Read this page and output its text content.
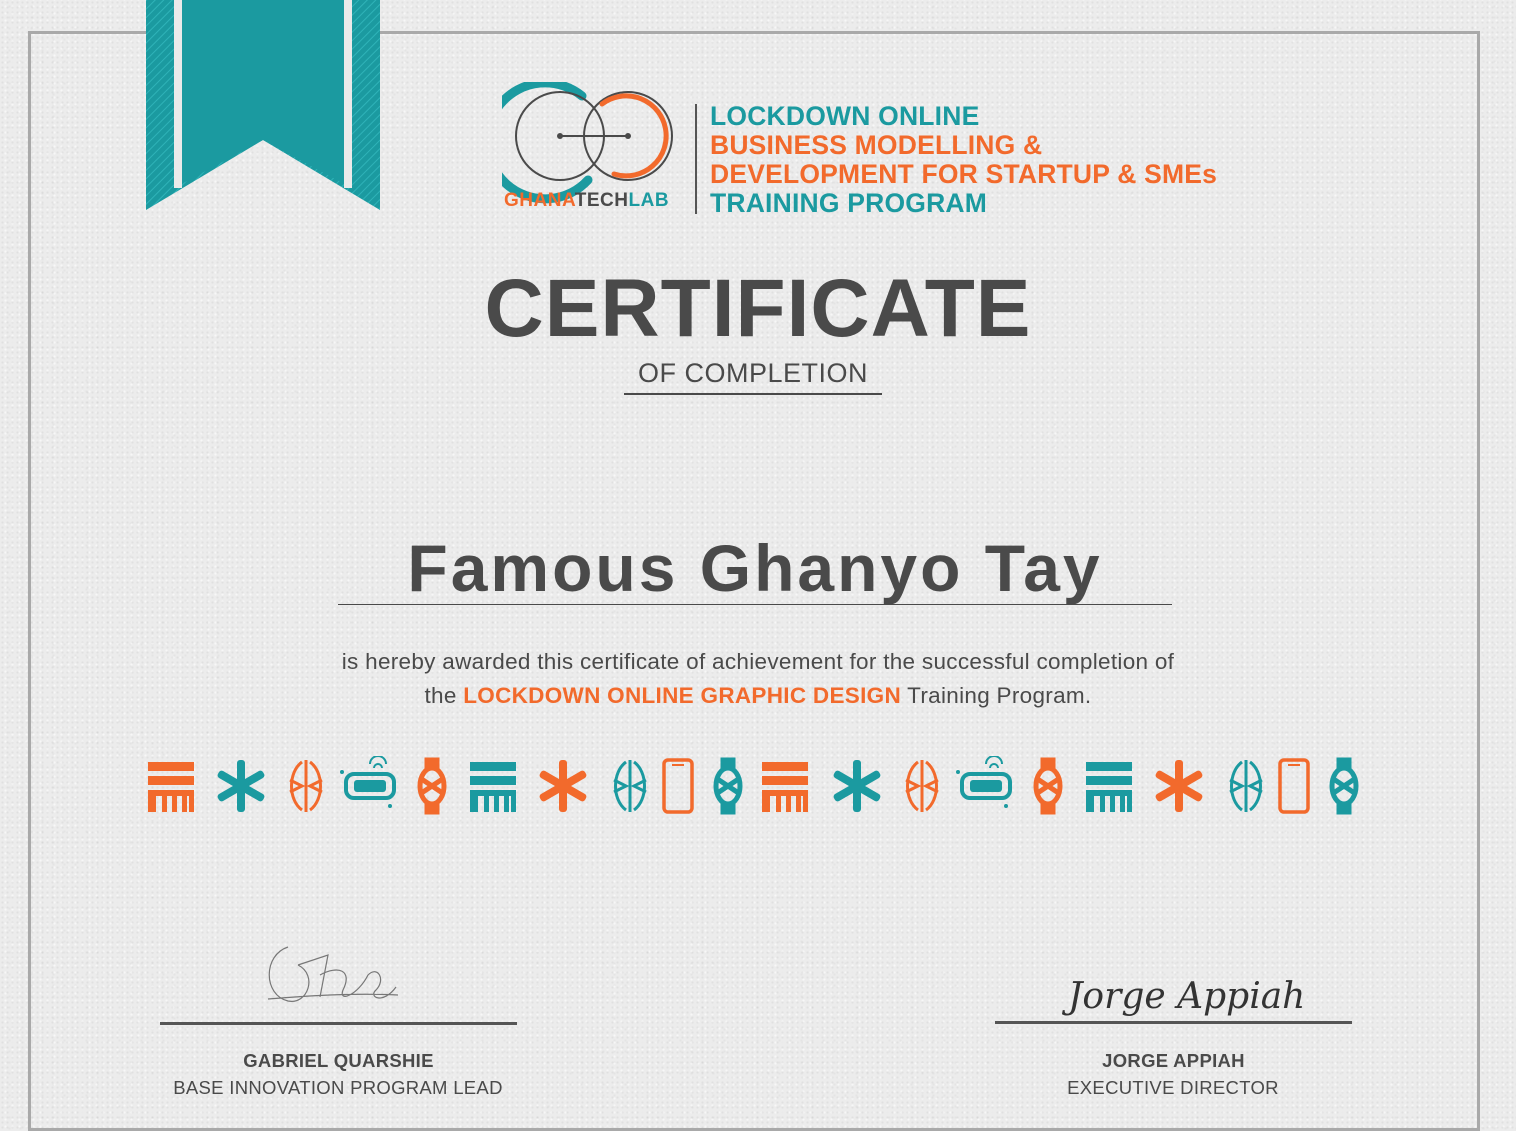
GHANATECHLAB
LOCKDOWN ONLINE
BUSINESS MODELLING &
DEVELOPMENT FOR STARTUP & SMEs
TRAINING PROGRAM
CERTIFICATE
OF COMPLETION
Famous Ghanyo Tay
is hereby awarded this certificate of achievement for the successful completion of
the LOCKDOWN ONLINE GRAPHIC DESIGN Training Program.
GABRIEL QUARSHIE
BASE INNOVATION PROGRAM LEAD
Jorge Appiah
JORGE APPIAH
EXECUTIVE DIRECTOR
